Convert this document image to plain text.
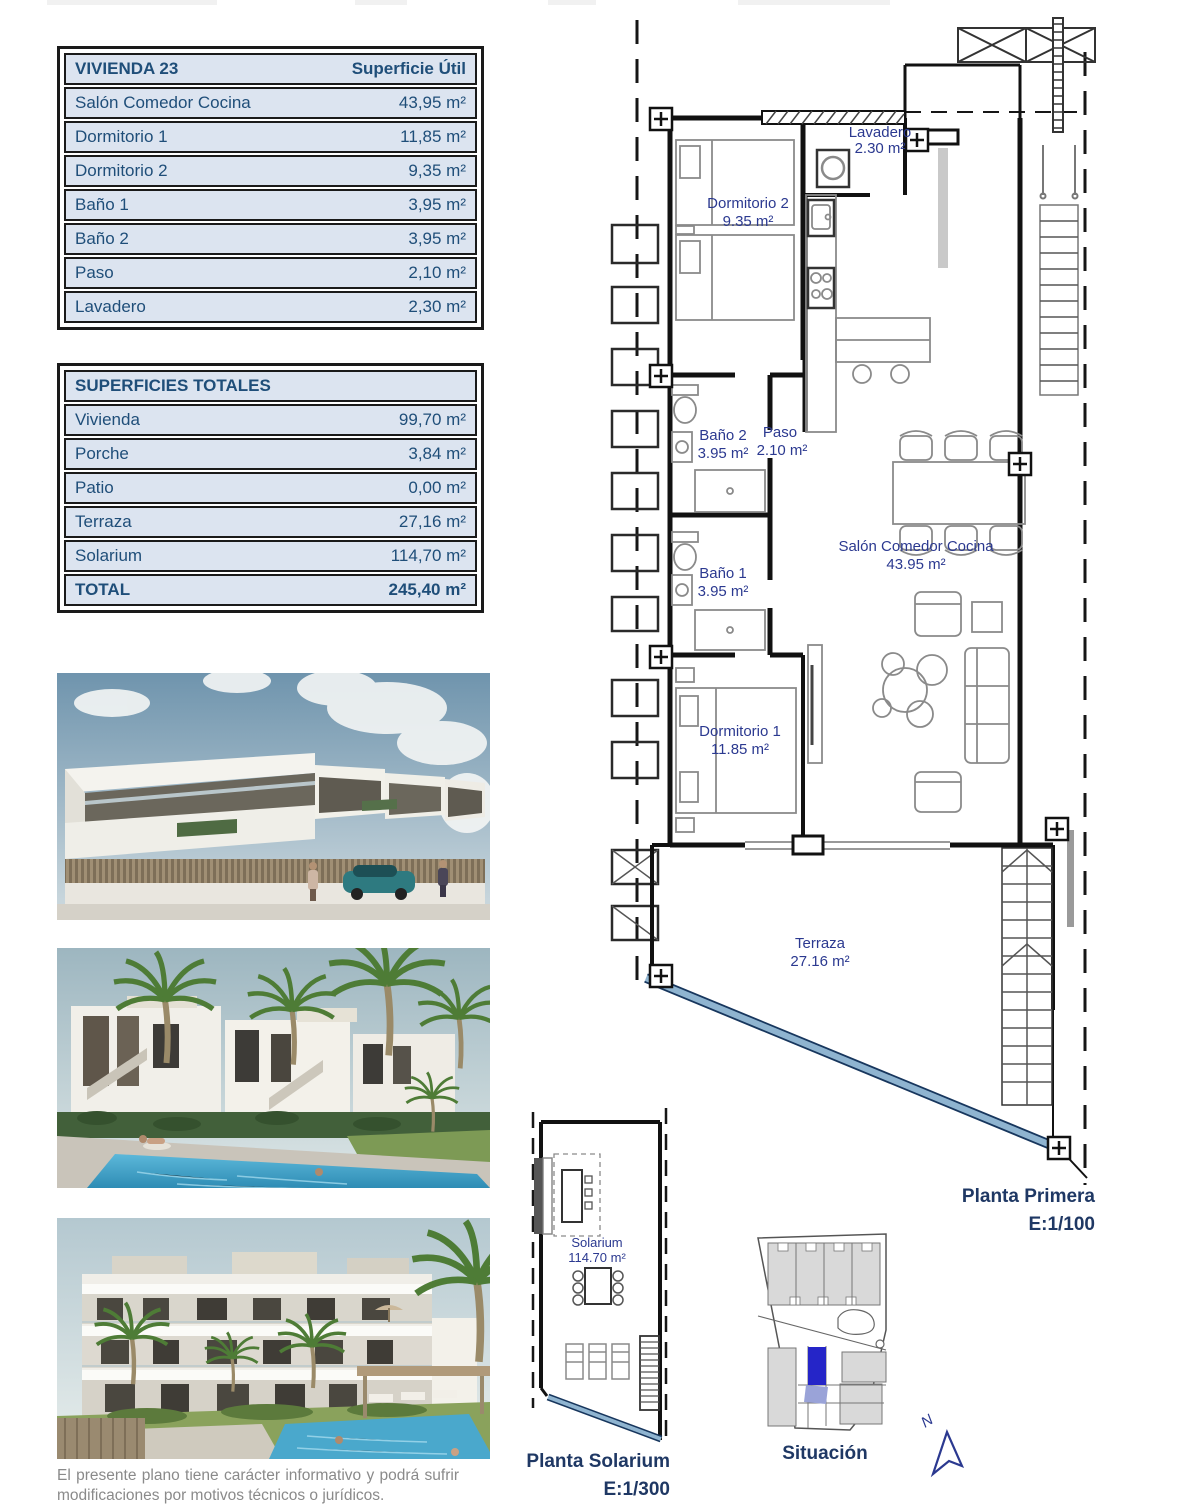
VIVIENDA 23	Superficie Útil
Salón Comedor Cocina	43,95 m²
Dormitorio 1	11,85 m²
Dormitorio 2	9,35 m²
Baño 1	3,95 m²
Baño 2	3,95 m²
Paso	2,10 m²
Lavadero	2,30 m²
SUPERFICIES TOTALES
Vivienda	99,70 m²
Porche	3,84 m²
Patio	0,00 m²
Terraza	27,16 m²
Solarium	114,70 m²
TOTAL	245,40 m²
Lavadero
2.30 m²
Dormitorio 2
9.35 m²
Baño 2
3.95 m²
Paso
2.10 m²
Baño 1
3.95 m²
Dormitorio 1
11.85 m²
Salón Comedor Cocina
43.95 m²
Terraza
27.16 m²
Planta Primera
E:1/100
Solarium
114.70 m²
Planta Solarium
E:1/300
N
Situación
El presente plano tiene carácter informativo y podrá sufrir
modificaciones por motivos técnicos o jurídicos.
